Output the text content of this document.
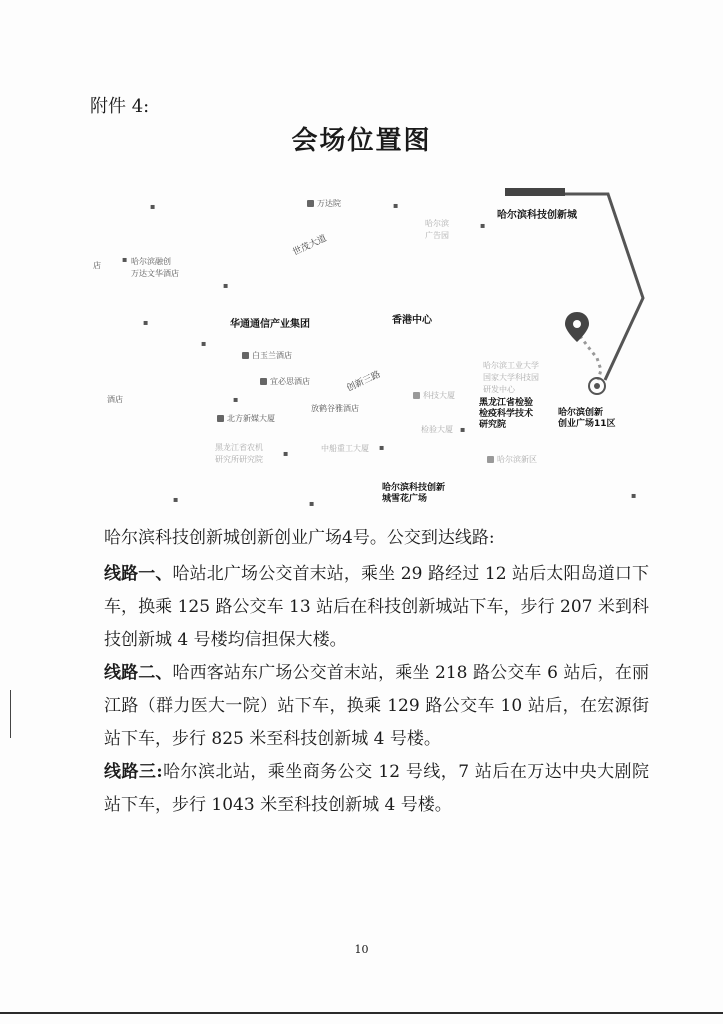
附件 4:
会场位置图
▪	万达院	▪
哈尔滨科技创新城
哈尔滨
广告园
▪
世茂大道
哈尔滨融创
万达文华酒店
▪
店
▪
华通通信产业集团	香港中心
▪
▪
白玉兰酒店
哈尔滨工业大学
国家大学科技园
研发中心
宜必思酒店	创新三路
酒店	▪	科技大厦
放鹤谷雅酒店
黑龙江省检验
检疫科学技术
研究院
哈尔滨创新
创业广场11区
北方新媒大厦
检验大厦 ▪
黑龙江省农机
研究所研究院
▪
中船重工大厦 ▪
哈尔滨新区
哈尔滨科技创新
城雪花广场
▪	▪
▪
哈尔滨科技创新城创新创业广场4号。公交到达线路:

线路一、哈站北广场公交首末站，乘坐 29 路经过 12 站后太阳岛道口下车，换乘 125 路公交车 13 站后在科技创新城站下车，步行 207 米到科技创新城 4 号楼均信担保大楼。

线路二、哈西客站东广场公交首末站，乘坐 218 路公交车 6 站后，在丽江路（群力医大一院）站下车，换乘 129 路公交车 10 站后，在宏源街站下车，步行 825 米至科技创新城 4 号楼。

线路三:哈尔滨北站，乘坐商务公交 12 号线，7 站后在万达中央大剧院站下车，步行 1043 米至科技创新城 4 号楼。

10
